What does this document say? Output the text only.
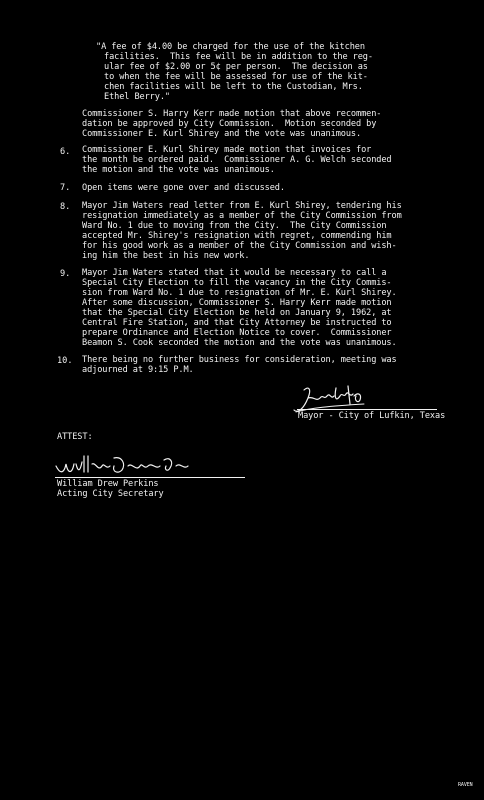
"A fee of $4.00 be charged for the use of the kitchen
facilities.  This fee will be in addition to the reg-
ular fee of $2.00 or 5¢ per person.  The decision as
to when the fee will be assessed for use of the kit-
chen facilities will be left to the Custodian, Mrs.
Ethel Berry."
Commissioner S. Harry Kerr made motion that above recommen-
dation be approved by City Commission.  Motion seconded by
Commissioner E. Kurl Shirey and the vote was unanimous.
6. Commissioner E. Kurl Shirey made motion that invoices for
the month be ordered paid.  Commissioner A. G. Welch seconded
the motion and the vote was unanimous.
7. Open items were gone over and discussed.
8. Mayor Jim Waters read letter from E. Kurl Shirey, tendering his
resignation immediately as a member of the City Commission from
Ward No. 1 due to moving from the City.  The City Commission
accepted Mr. Shirey's resignation with regret, commending him
for his good work as a member of the City Commission and wish-
ing him the best in his new work.
9. Mayor Jim Waters stated that it would be necessary to call a
Special City Election to fill the vacancy in the City Commis-
sion from Ward No. 1 due to resignation of Mr. E. Kurl Shirey.
After some discussion, Commissioner S. Harry Kerr made motion
that the Special City Election be held on January 9, 1962, at
Central Fire Station, and that City Attorney be instructed to
prepare Ordinance and Election Notice to cover.  Commissioner
Beamon S. Cook seconded the motion and the vote was unanimous.
10. There being no further business for consideration, meeting was
adjourned at 9:15 P.M.
Mayor - City of Lufkin, Texas
ATTEST:
William Drew Perkins
Acting City Secretary
RAVEN
